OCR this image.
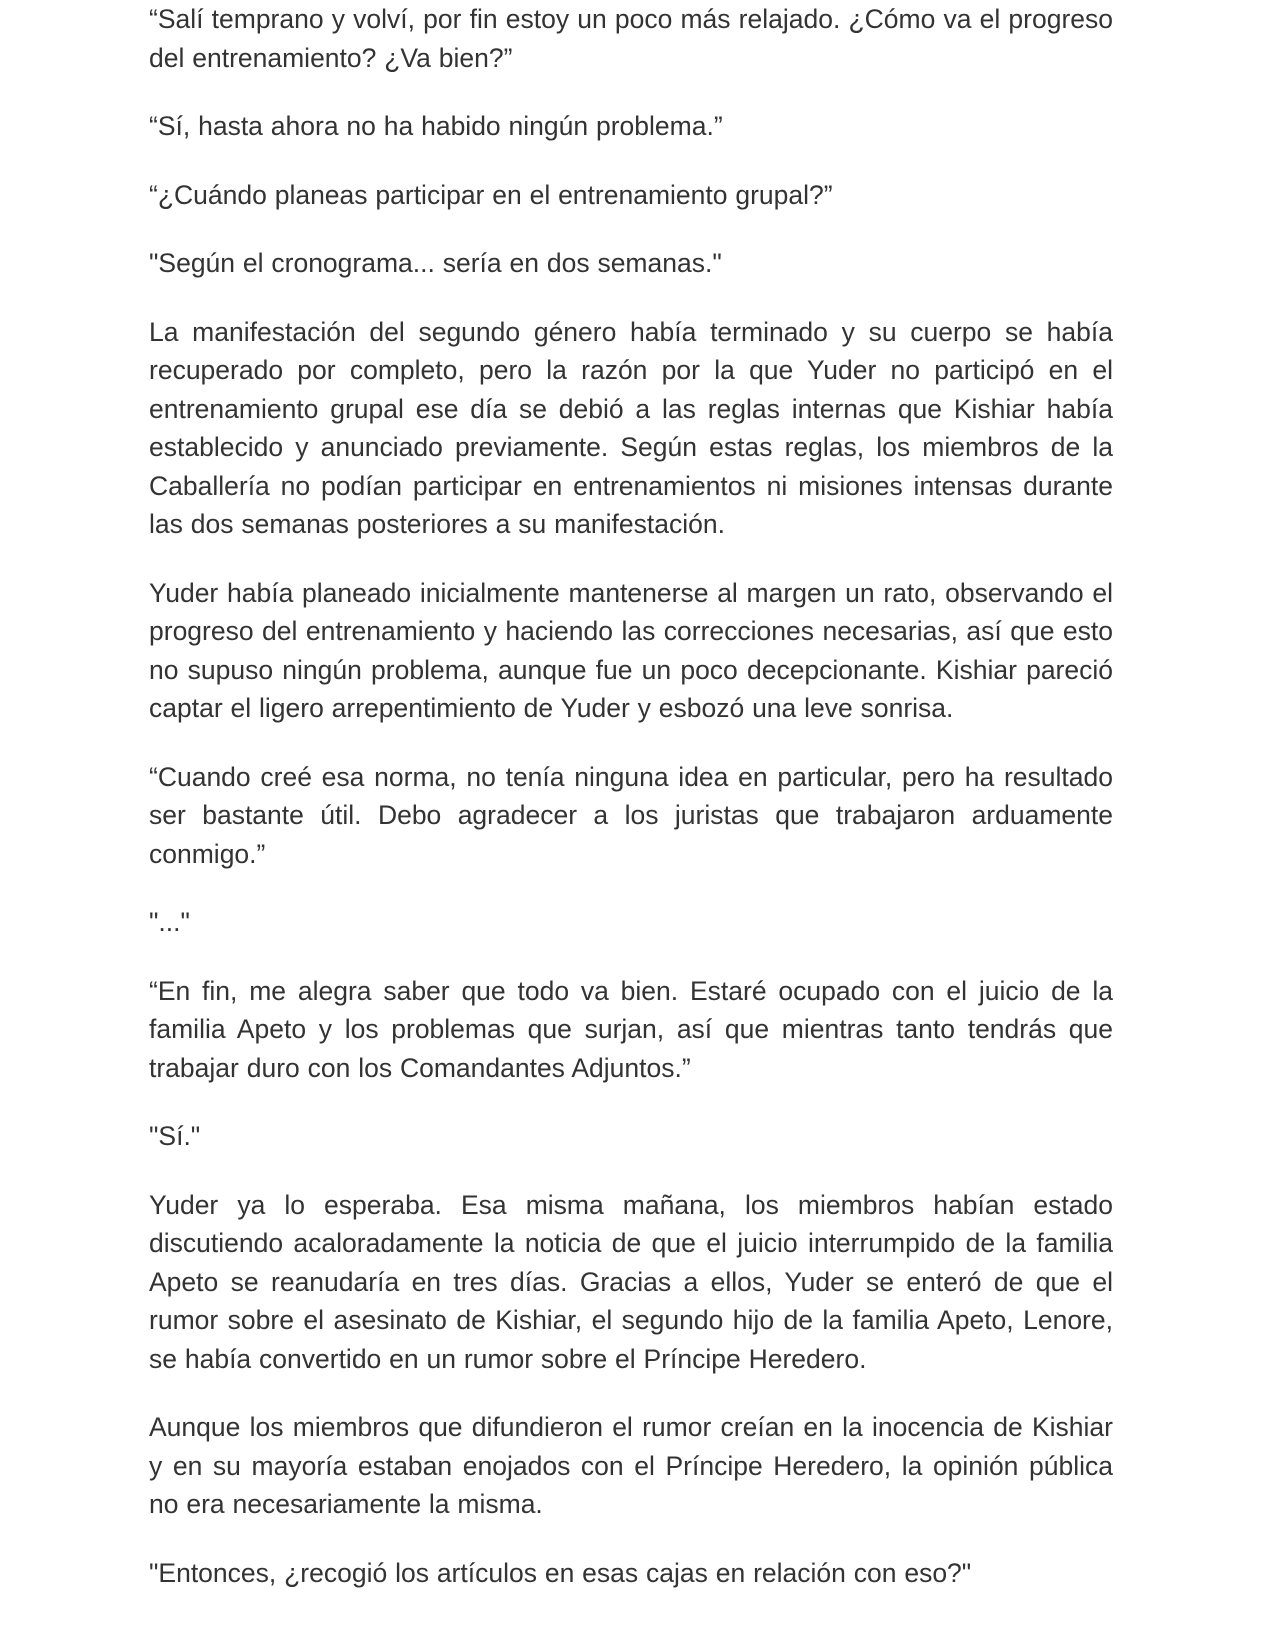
“Salí temprano y volví, por fin estoy un poco más relajado. ¿Cómo va el progreso del entrenamiento? ¿Va bien?”

“Sí, hasta ahora no ha habido ningún problema.”

“¿Cuándo planeas participar en el entrenamiento grupal?”

"Según el cronograma... sería en dos semanas."

La manifestación del segundo género había terminado y su cuerpo se había recuperado por completo, pero la razón por la que Yuder no participó en el entrenamiento grupal ese día se debió a las reglas internas que Kishiar había establecido y anunciado previamente. Según estas reglas, los miembros de la Caballería no podían participar en entrenamientos ni misiones intensas durante las dos semanas posteriores a su manifestación.

Yuder había planeado inicialmente mantenerse al margen un rato, observando el progreso del entrenamiento y haciendo las correcciones necesarias, así que esto no supuso ningún problema, aunque fue un poco decepcionante. Kishiar pareció captar el ligero arrepentimiento de Yuder y esbozó una leve sonrisa.

“Cuando creé esa norma, no tenía ninguna idea en particular, pero ha resultado ser bastante útil. Debo agradecer a los juristas que trabajaron arduamente conmigo.”

"..."

“En fin, me alegra saber que todo va bien. Estaré ocupado con el juicio de la familia Apeto y los problemas que surjan, así que mientras tanto tendrás que trabajar duro con los Comandantes Adjuntos.”

"Sí."

Yuder ya lo esperaba. Esa misma mañana, los miembros habían estado discutiendo acaloradamente la noticia de que el juicio interrumpido de la familia Apeto se reanudaría en tres días. Gracias a ellos, Yuder se enteró de que el rumor sobre el asesinato de Kishiar, el segundo hijo de la familia Apeto, Lenore, se había convertido en un rumor sobre el Príncipe Heredero.

Aunque los miembros que difundieron el rumor creían en la inocencia de Kishiar y en su mayoría estaban enojados con el Príncipe Heredero, la opinión pública no era necesariamente la misma.

"Entonces, ¿recogió los artículos en esas cajas en relación con eso?"
